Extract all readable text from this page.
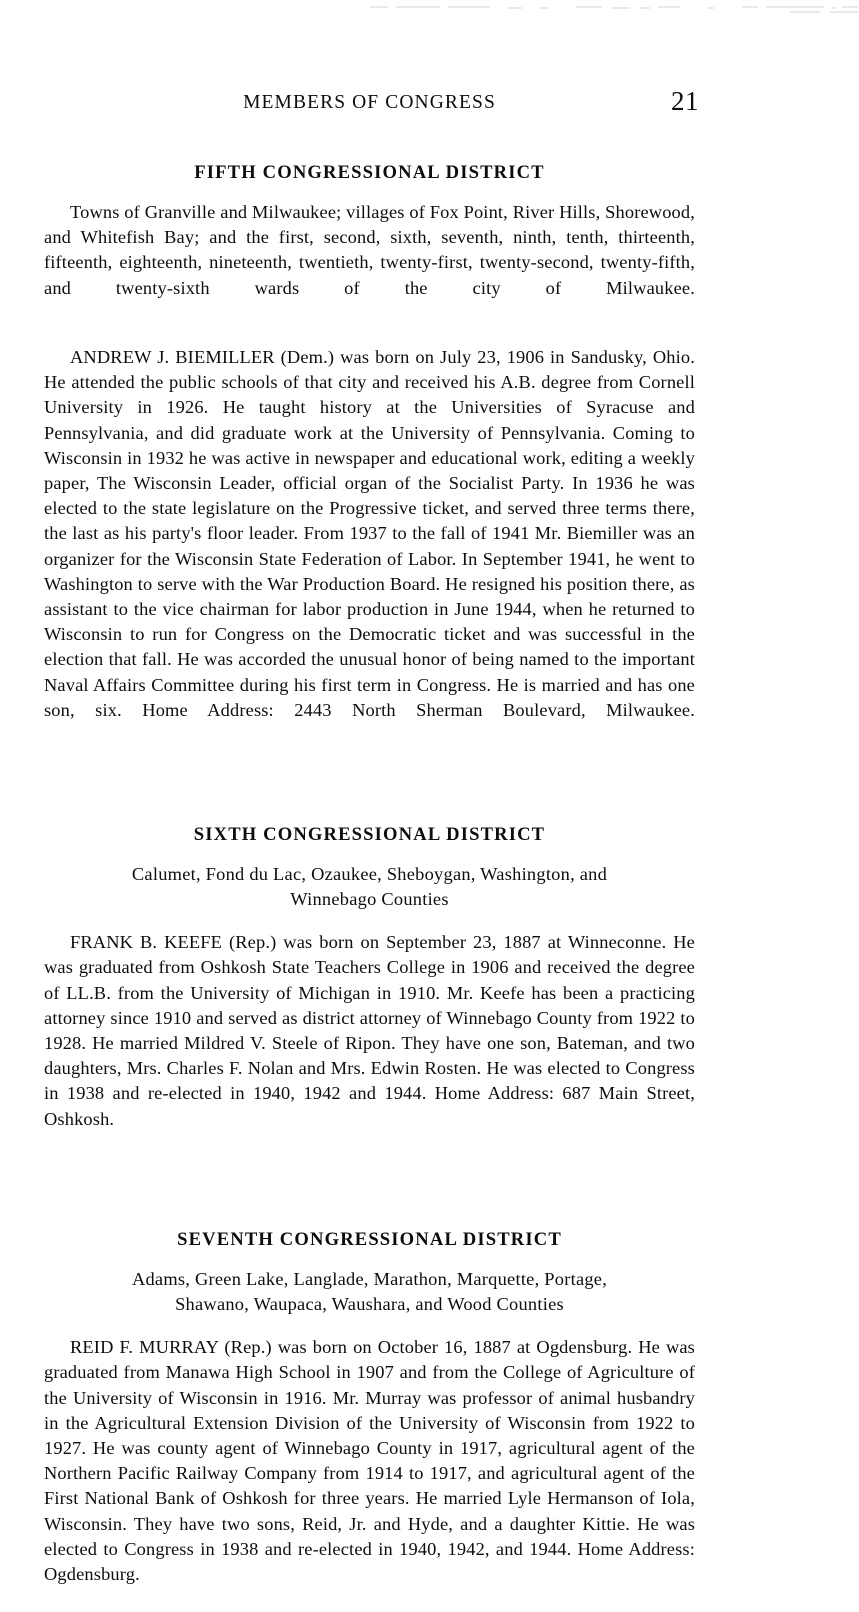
MEMBERS OF CONGRESS	21
FIFTH CONGRESSIONAL DISTRICT

Towns of Granville and Milwaukee; villages of Fox Point, River Hills, Shorewood, and Whitefish Bay; and the first, second, sixth, seventh, ninth, tenth, thirteenth, fifteenth, eighteenth, nineteenth, twentieth, twenty-first, twenty-second, twenty-fifth, and twenty-sixth wards of the city of Milwaukee.

ANDREW J. BIEMILLER (Dem.) was born on July 23, 1906 in Sandusky, Ohio. He attended the public schools of that city and received his A.B. degree from Cornell University in 1926. He taught history at the Universities of Syracuse and Pennsylvania, and did graduate work at the University of Pennsylvania. Coming to Wisconsin in 1932 he was active in newspaper and educational work, editing a weekly paper, The Wisconsin Leader, official organ of the Socialist Party. In 1936 he was elected to the state legislature on the Progressive ticket, and served three terms there, the last as his party's floor leader. From 1937 to the fall of 1941 Mr. Biemiller was an organizer for the Wisconsin State Federation of Labor. In September 1941, he went to Washington to serve with the War Production Board. He resigned his position there, as assistant to the vice chairman for labor production in June 1944, when he returned to Wisconsin to run for Congress on the Democratic ticket and was successful in the election that fall. He was accorded the unusual honor of being named to the important Naval Affairs Committee during his first term in Congress. He is married and has one son, six. Home Address: 2443 North Sherman Boulevard, Milwaukee.

SIXTH CONGRESSIONAL DISTRICT

Calumet, Fond du Lac, Ozaukee, Sheboygan, Washington, and
Winnebago Counties

FRANK B. KEEFE (Rep.) was born on September 23, 1887 at Winneconne. He was graduated from Oshkosh State Teachers College in 1906 and received the degree of LL.B. from the University of Michigan in 1910. Mr. Keefe has been a practicing attorney since 1910 and served as district attorney of Winnebago County from 1922 to 1928. He married Mildred V. Steele of Ripon. They have one son, Bateman, and two daughters, Mrs. Charles F. Nolan and Mrs. Edwin Rosten. He was elected to Congress in 1938 and re-elected in 1940, 1942 and 1944. Home Address: 687 Main Street, Oshkosh.

SEVENTH CONGRESSIONAL DISTRICT

Adams, Green Lake, Langlade, Marathon, Marquette, Portage,
Shawano, Waupaca, Waushara, and Wood Counties

REID F. MURRAY (Rep.) was born on October 16, 1887 at Ogdensburg. He was graduated from Manawa High School in 1907 and from the College of Agriculture of the University of Wisconsin in 1916. Mr. Murray was professor of animal husbandry in the Agricultural Extension Division of the University of Wisconsin from 1922 to 1927. He was county agent of Winnebago County in 1917, agricultural agent of the Northern Pacific Railway Company from 1914 to 1917, and agricultural agent of the First National Bank of Oshkosh for three years. He married Lyle Hermanson of Iola, Wisconsin. They have two sons, Reid, Jr. and Hyde, and a daughter Kittie. He was elected to Congress in 1938 and re-elected in 1940, 1942, and 1944. Home Address: Ogdensburg.
